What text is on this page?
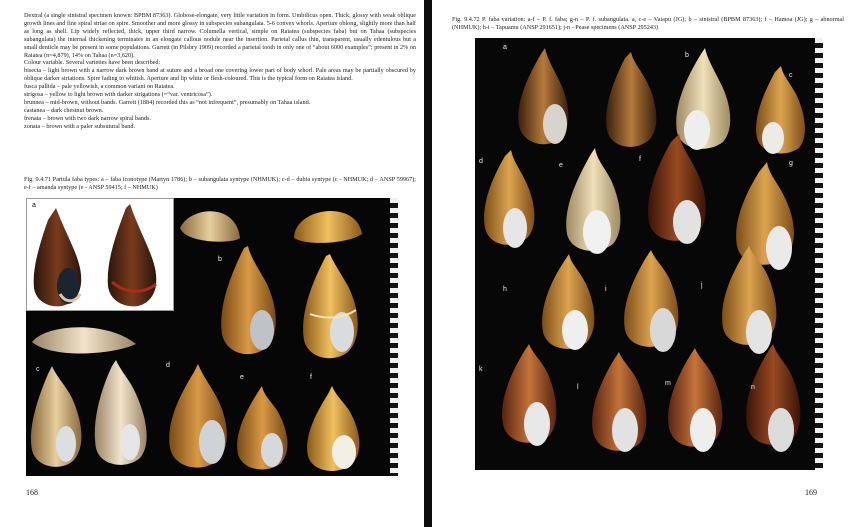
Dextral (a single sinistral specimen known: BPBM 87363). Globose-elongate, very little variation in form. Umbilicus open. Thick, glossy with weak oblique growth lines and fine spiral striae on spire. Smoother and more glossy in subspecies subangulata. 5-6 convex whorls. Aperture oblong, slightly more than half as long as shell. Lip widely reflected, thick, upper third narrow. Columella vertical, simple on Raiatea (subspecies faba) but on Tahaa (subspecies subangulata) the internal thickening terminates in an elongate callous nodule near the insertion. Parietal callus thin, transparent, usually edentulous but a small denticle may be present in some populations. Garrett (in Pilsbry 1909) recorded a parietal tooth in only one of “about 6000 examples”; present in 2% on Raiatea (n=4,879), 14% on Tahaa (n=3,620).

Colour variable. Several varieties have been described:

bisecta – light brown with a narrow dark brown band at suture and a broad one covering lower part of body whorl. Pale areas may be partially obscured by oblique darker striations. Spire fading to whitish. Aperture and lip white or flesh-coloured. This is the typical form on Raiatea island.

fusca pallida – pale yellowish, a common variant on Raiatea.

strigosa – yellow to light brown with darker strigations (=“var. ventricosa”).

brunnea – mid-brown, without bands. Garrett (1884) recorded this as “not infrequent”, presumably on Tahaa island.

castanea – dark chestnut brown.

frenata – brown with two dark narrow spiral bands.

zonata – brown with a paler subsutural band.

Fig. 9.4.71 Partula faba types: a – faba iconotype (Martyn 1786); b – subangulata syntype (NHMUK); c-d – dubia syntype (c - NHMUK; d – ANSP 59967); e-f – amanda syntype (e - ANSP 59415; f – NHMUK)
a
b
c
d
e	f
168
Fig. 9.4.72 P. faba variation: a-f – P. f. faba; g-n – P. f. subangulata. a, c-e – Vaiapu (JG); b – sinistral (BPBM 87363); f – Hamoa (JG); g – abnormal (NHMUK); h-i – Tapuamu (ANSP 291651); j-n - Pease specimens (ANSP 295243)
a
b
c
d
e
f
g
h	i
j
k
l
m
n
169
